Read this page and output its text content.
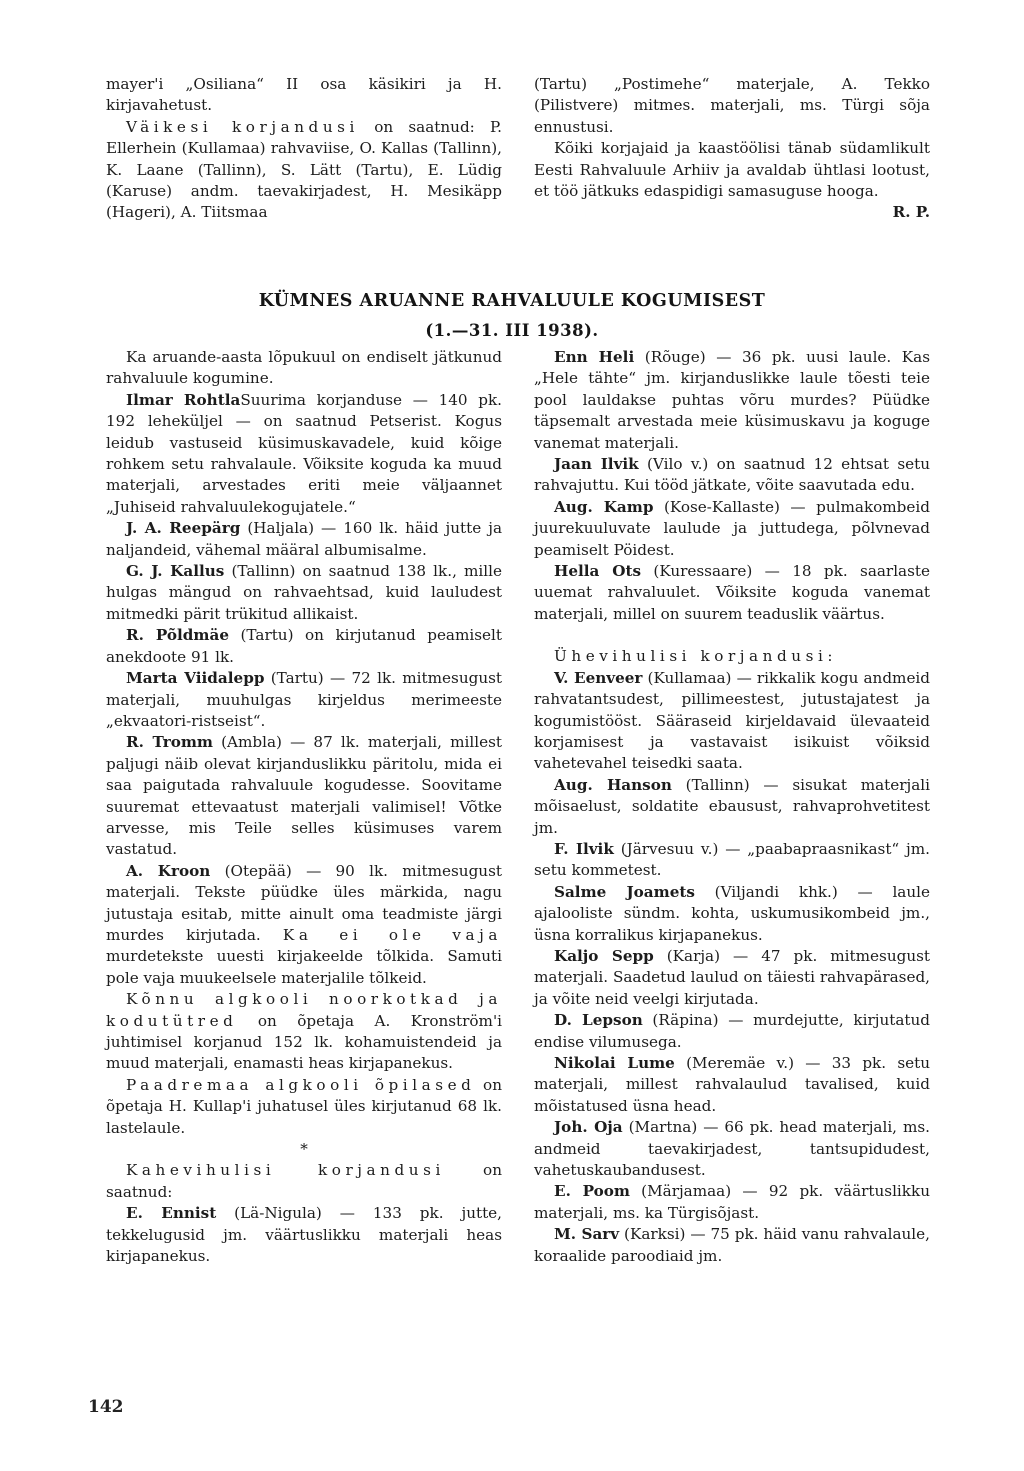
mayer'i „Osiliana“ II osa käsikiri ja H. kirjavahetust.

Väikesi korjandusi on saatnud: P. Ellerhein (Kullamaa) rahvaviise, O. Kallas (Tallinn), K. Laane (Tallinn), S. Lätt (Tartu), E. Lüdig (Karuse) andm. taevakirjadest, H. Mesikäpp (Hageri), A. Tiitsmaa

(Tartu) „Postimehe“ materjale, A. Tekko (Pilistvere) mitmes. materjali, ms. Türgi sõja ennustusi.

Kõiki korjajaid ja kaastöölisi tänab südamlikult Eesti Rahvaluule Arhiiv ja avaldab ühtlasi lootust, et töö jätkuks edaspidigi samasuguse hooga.

R. P.

KÜMNES ARUANNE RAHVALUULE KOGUMISEST
(1.—31. III 1938).

Ka aruande-aasta lõpukuul on endiselt jätkunud rahvaluule kogumine.

Ilmar RohtlaSuurima korjanduse — 140 pk. 192 leheküljel — on saatnud Petserist. Kogus leidub vastuseid küsimuskavadele, kuid kõige rohkem setu rahvalaule. Võiksite koguda ka muud materjali, arvestades eriti meie väljaannet „Juhiseid rahvaluulekogujatele.“

J. A. Reepärg (Haljala) — 160 lk. häid jutte ja naljandeid, vähemal määral albumisalme.

G. J. Kallus (Tallinn) on saatnud 138 lk., mille hulgas mängud on rahvaehtsad, kuid lauludest mitmedki pärit trükitud allikaist.

R. Põldmäe (Tartu) on kirjutanud peamiselt anekdoote 91 lk.

Marta Viidalepp (Tartu) — 72 lk. mitmesugust materjali, muuhulgas kirjeldus merimeeste „ekvaatori-ristseist“.

R. Tromm (Ambla) — 87 lk. materjali, millest paljugi näib olevat kirjanduslikku päritolu, mida ei saa paigutada rahvaluule kogudesse. Soovitame suuremat ettevaatust materjali valimisel! Võtke arvesse, mis Teile selles küsimuses varem vastatud.

A. Kroon (Otepää) — 90 lk. mitmesugust materjali. Tekste püüdke üles märkida, nagu jutustaja esitab, mitte ainult oma teadmiste järgi murdes kirjutada. Ka ei ole vaja murdetekste uuesti kirjakeelde tõlkida. Samuti pole vaja muukeelsele materjalile tõlkeid.

Kõnnu algkooli noorkotkad ja kodutütred on õpetaja A. Kronström'i juhtimisel korjanud 152 lk. kohamuistendeid ja muud materjali, enamasti heas kirjapanekus.

Paadremaa algkooli õpilased on õpetaja H. Kullap'i juhatusel üles kirjutanud 68 lk. lastelaule.

*

Kahevihulisi korjandusi on saatnud:

E. Ennist (Lä-Nigula) — 133 pk. jutte, tekkelugusid jm. väärtuslikku materjali heas kirjapanekus.

Enn Heli (Rõuge) — 36 pk. uusi laule. Kas „Hele tähte“ jm. kirjanduslikke laule tõesti teie pool lauldakse puhtas võru murdes? Püüdke täpsemalt arvestada meie küsimuskavu ja koguge vanemat materjali.

Jaan Ilvik (Vilo v.) on saatnud 12 ehtsat setu rahvajuttu. Kui tööd jätkate, võite saavutada edu.

Aug. Kamp (Kose-Kallaste) — pulmakombeid juurekuuluvate laulude ja juttudega, põlvnevad peamiselt Pöidest.

Hella Ots (Kuressaare) — 18 pk. saarlaste uuemat rahvaluulet. Võiksite koguda vanemat materjali, millel on suurem teaduslik väärtus.

Ühevihulisi korjandusi:

V. Eenveer (Kullamaa) — rikkalik kogu andmeid rahvatantsudest, pillimeestest, jutustajatest ja kogumistööst. Sääraseid kirjeldavaid ülevaateid korjamisest ja vastavaist isikuist võiksid vahetevahel teisedki saata.

Aug. Hanson (Tallinn) — sisukat materjali mõisaelust, soldatite ebausust, rahvaprohvetitest jm.

F. Ilvik (Järvesuu v.) — „paabapraasnikast“ jm. setu kommetest.

Salme Joamets (Viljandi khk.) — laule ajalooliste sündm. kohta, uskumusikombeid jm., üsna korralikus kirjapanekus.

Kaljo Sepp (Karja) — 47 pk. mitmesugust materjali. Saadetud laulud on täiesti rahvapärased, ja võite neid veelgi kirjutada.

D. Lepson (Räpina) — murdejutte, kirjutatud endise vilumusega.

Nikolai Lume (Meremäe v.) — 33 pk. setu materjali, millest rahvalaulud tavalised, kuid mõistatused üsna head.

Joh. Oja (Martna) — 66 pk. head materjali, ms. andmeid taevakirjadest, tantsupidudest, vahetuskaubandusest.

E. Poom (Märjamaa) — 92 pk. väärtuslikku materjali, ms. ka Türgisõjast.

M. Sarv (Karksi) — 75 pk. häid vanu rahvalaule, koraalide paroodiaid jm.

142
